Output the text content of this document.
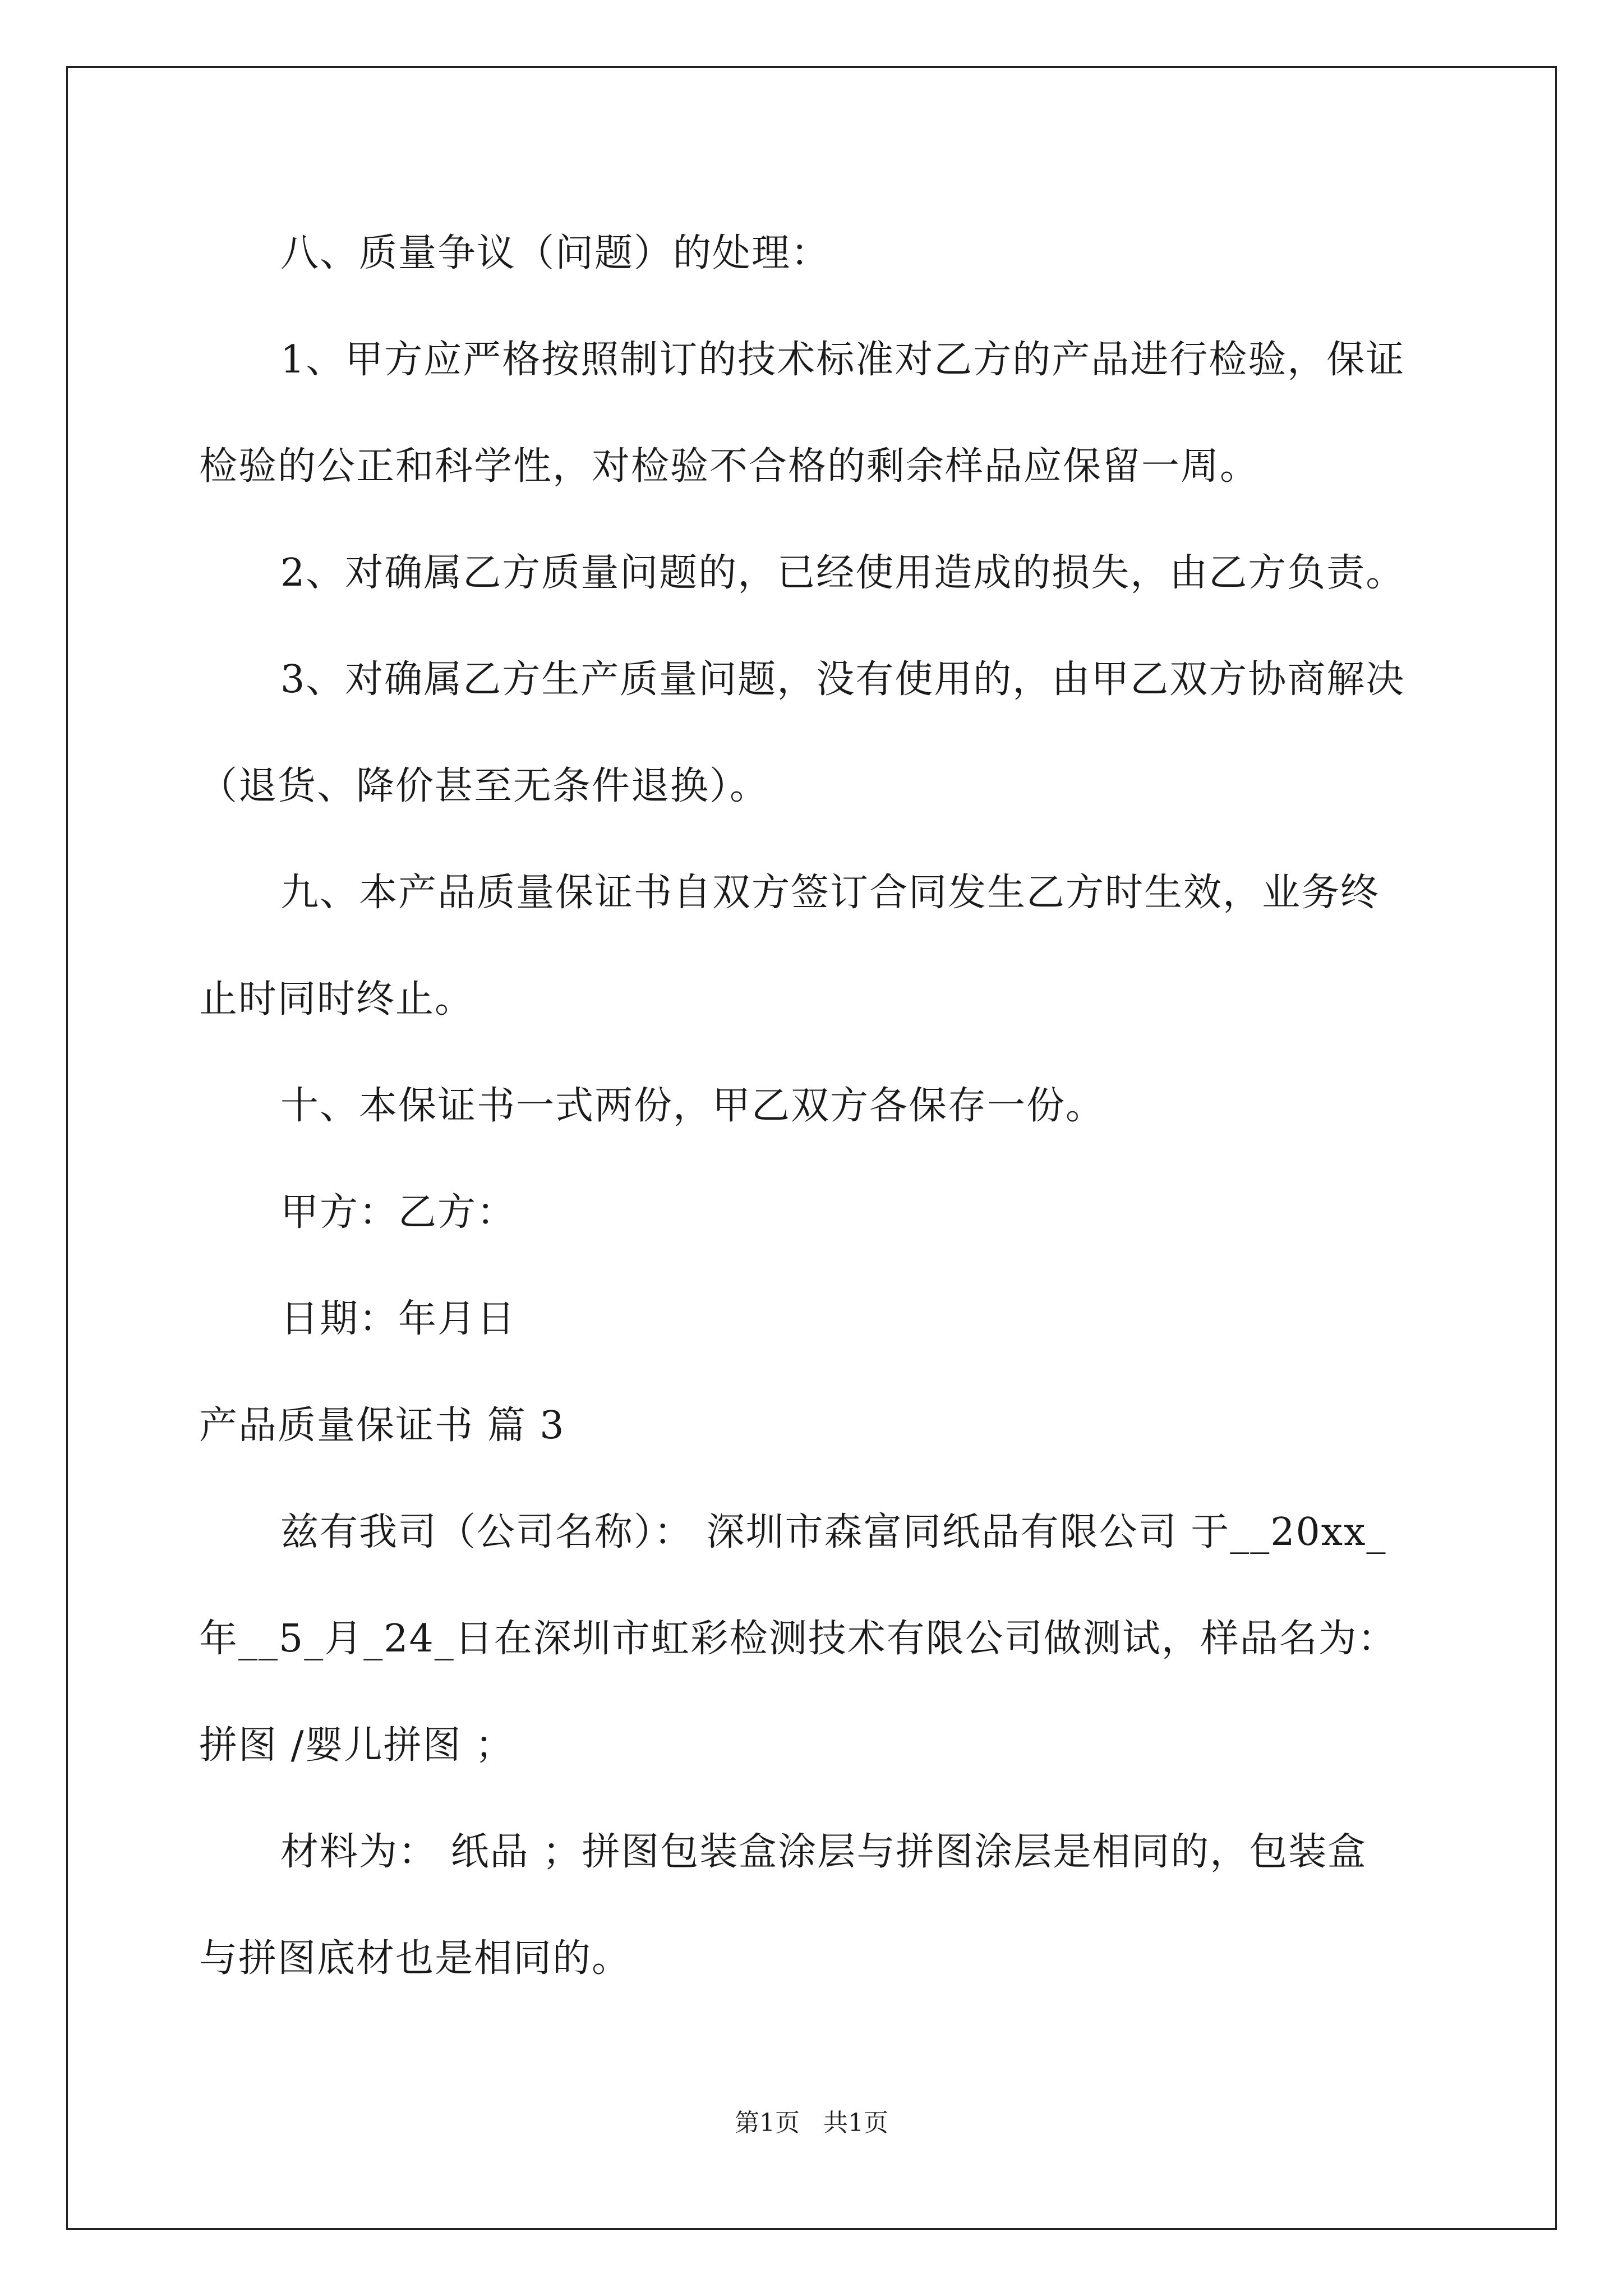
八、质量争议（问题）的处理：
1、甲方应严格按照制订的技术标准对乙方的产品进行检验，保证
检验的公正和科学性，对检验不合格的剩余样品应保留一周。
2、对确属乙方质量问题的，已经使用造成的损失，由乙方负责。
3、对确属乙方生产质量问题，没有使用的，由甲乙双方协商解决
（退货、降价甚至无条件退换）。
九、本产品质量保证书自双方签订合同发生乙方时生效，业务终
止时同时终止。
十、本保证书一式两份，甲乙双方各保存一份。
甲方：乙方：
日期：年月日
产品质量保证书 篇 3
兹有我司（公司名称）： 深圳市森富同纸品有限公司 于__20xx_
年__5_月_24_日在深圳市虹彩检测技术有限公司做测试，样品名为：
拼图 /婴儿拼图 ；
材料为： 纸品 ；拼图包装盒涂层与拼图涂层是相同的，包装盒
与拼图底材也是相同的。
第1页   共1页
